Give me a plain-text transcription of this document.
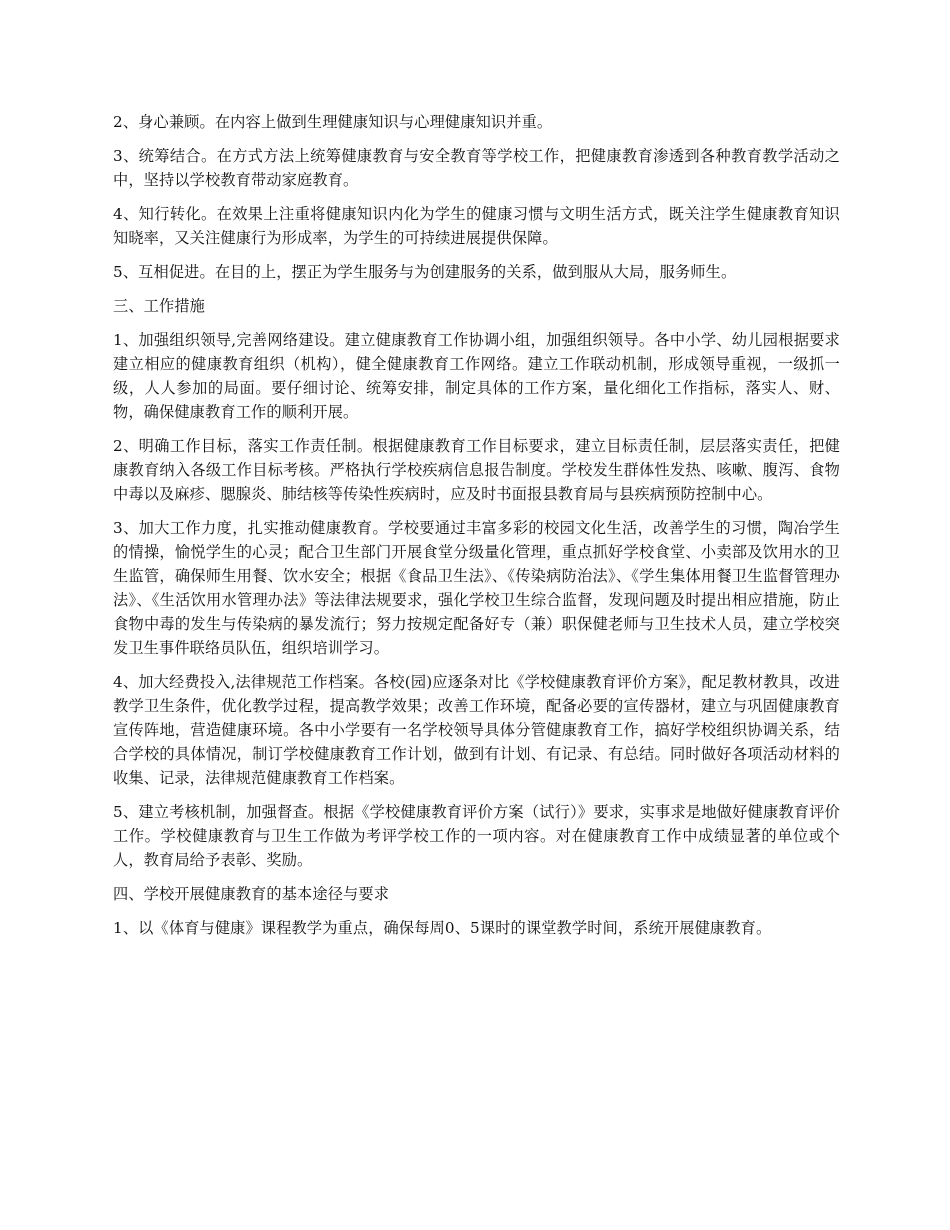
2、身心兼顾。在内容上做到生理健康知识与心理健康知识并重。

3、统筹结合。在方式方法上统筹健康教育与安全教育等学校工作，把健康教育渗透到各种教育教学活动之中，坚持以学校教育带动家庭教育。

4、知行转化。在效果上注重将健康知识内化为学生的健康习惯与文明生活方式，既关注学生健康教育知识知晓率，又关注健康行为形成率，为学生的可持续进展提供保障。

5、互相促进。在目的上，摆正为学生服务与为创建服务的关系，做到服从大局，服务师生。

三、工作措施

1、加强组织领导,完善网络建设。建立健康教育工作协调小组，加强组织领导。各中小学、幼儿园根据要求建立相应的健康教育组织（机构），健全健康教育工作网络。建立工作联动机制，形成领导重视，一级抓一级，人人参加的局面。要仔细讨论、统筹安排，制定具体的工作方案，量化细化工作指标，落实人、财、物，确保健康教育工作的顺利开展。

2、明确工作目标，落实工作责任制。根据健康教育工作目标要求，建立目标责任制，层层落实责任，把健康教育纳入各级工作目标考核。严格执行学校疾病信息报告制度。学校发生群体性发热、咳嗽、腹泻、食物中毒以及麻疹、腮腺炎、肺结核等传染性疾病时，应及时书面报县教育局与县疾病预防控制中心。

3、加大工作力度，扎实推动健康教育。学校要通过丰富多彩的校园文化生活，改善学生的习惯，陶冶学生的情操，愉悦学生的心灵；配合卫生部门开展食堂分级量化管理，重点抓好学校食堂、小卖部及饮用水的卫生监管，确保师生用餐、饮水安全；根据《食品卫生法》、《传染病防治法》、《学生集体用餐卫生监督管理办法》、《生活饮用水管理办法》等法律法规要求，强化学校卫生综合监督，发现问题及时提出相应措施，防止食物中毒的发生与传染病的暴发流行；努力按规定配备好专（兼）职保健老师与卫生技术人员，建立学校突发卫生事件联络员队伍，组织培训学习。

4、加大经费投入,法律规范工作档案。各校(园)应逐条对比《学校健康教育评价方案》，配足教材教具，改进教学卫生条件，优化教学过程，提高教学效果；改善工作环境，配备必要的宣传器材，建立与巩固健康教育宣传阵地，营造健康环境。各中小学要有一名学校领导具体分管健康教育工作，搞好学校组织协调关系，结合学校的具体情况，制订学校健康教育工作计划，做到有计划、有记录、有总结。同时做好各项活动材料的收集、记录，法律规范健康教育工作档案。

5、建立考核机制，加强督查。根据《学校健康教育评价方案（试行）》要求，实事求是地做好健康教育评价工作。学校健康教育与卫生工作做为考评学校工作的一项内容。对在健康教育工作中成绩显著的单位或个人，教育局给予表彰、奖励。

四、学校开展健康教育的基本途径与要求

1、以《体育与健康》课程教学为重点，确保每周0、5课时的课堂教学时间，系统开展健康教育。
